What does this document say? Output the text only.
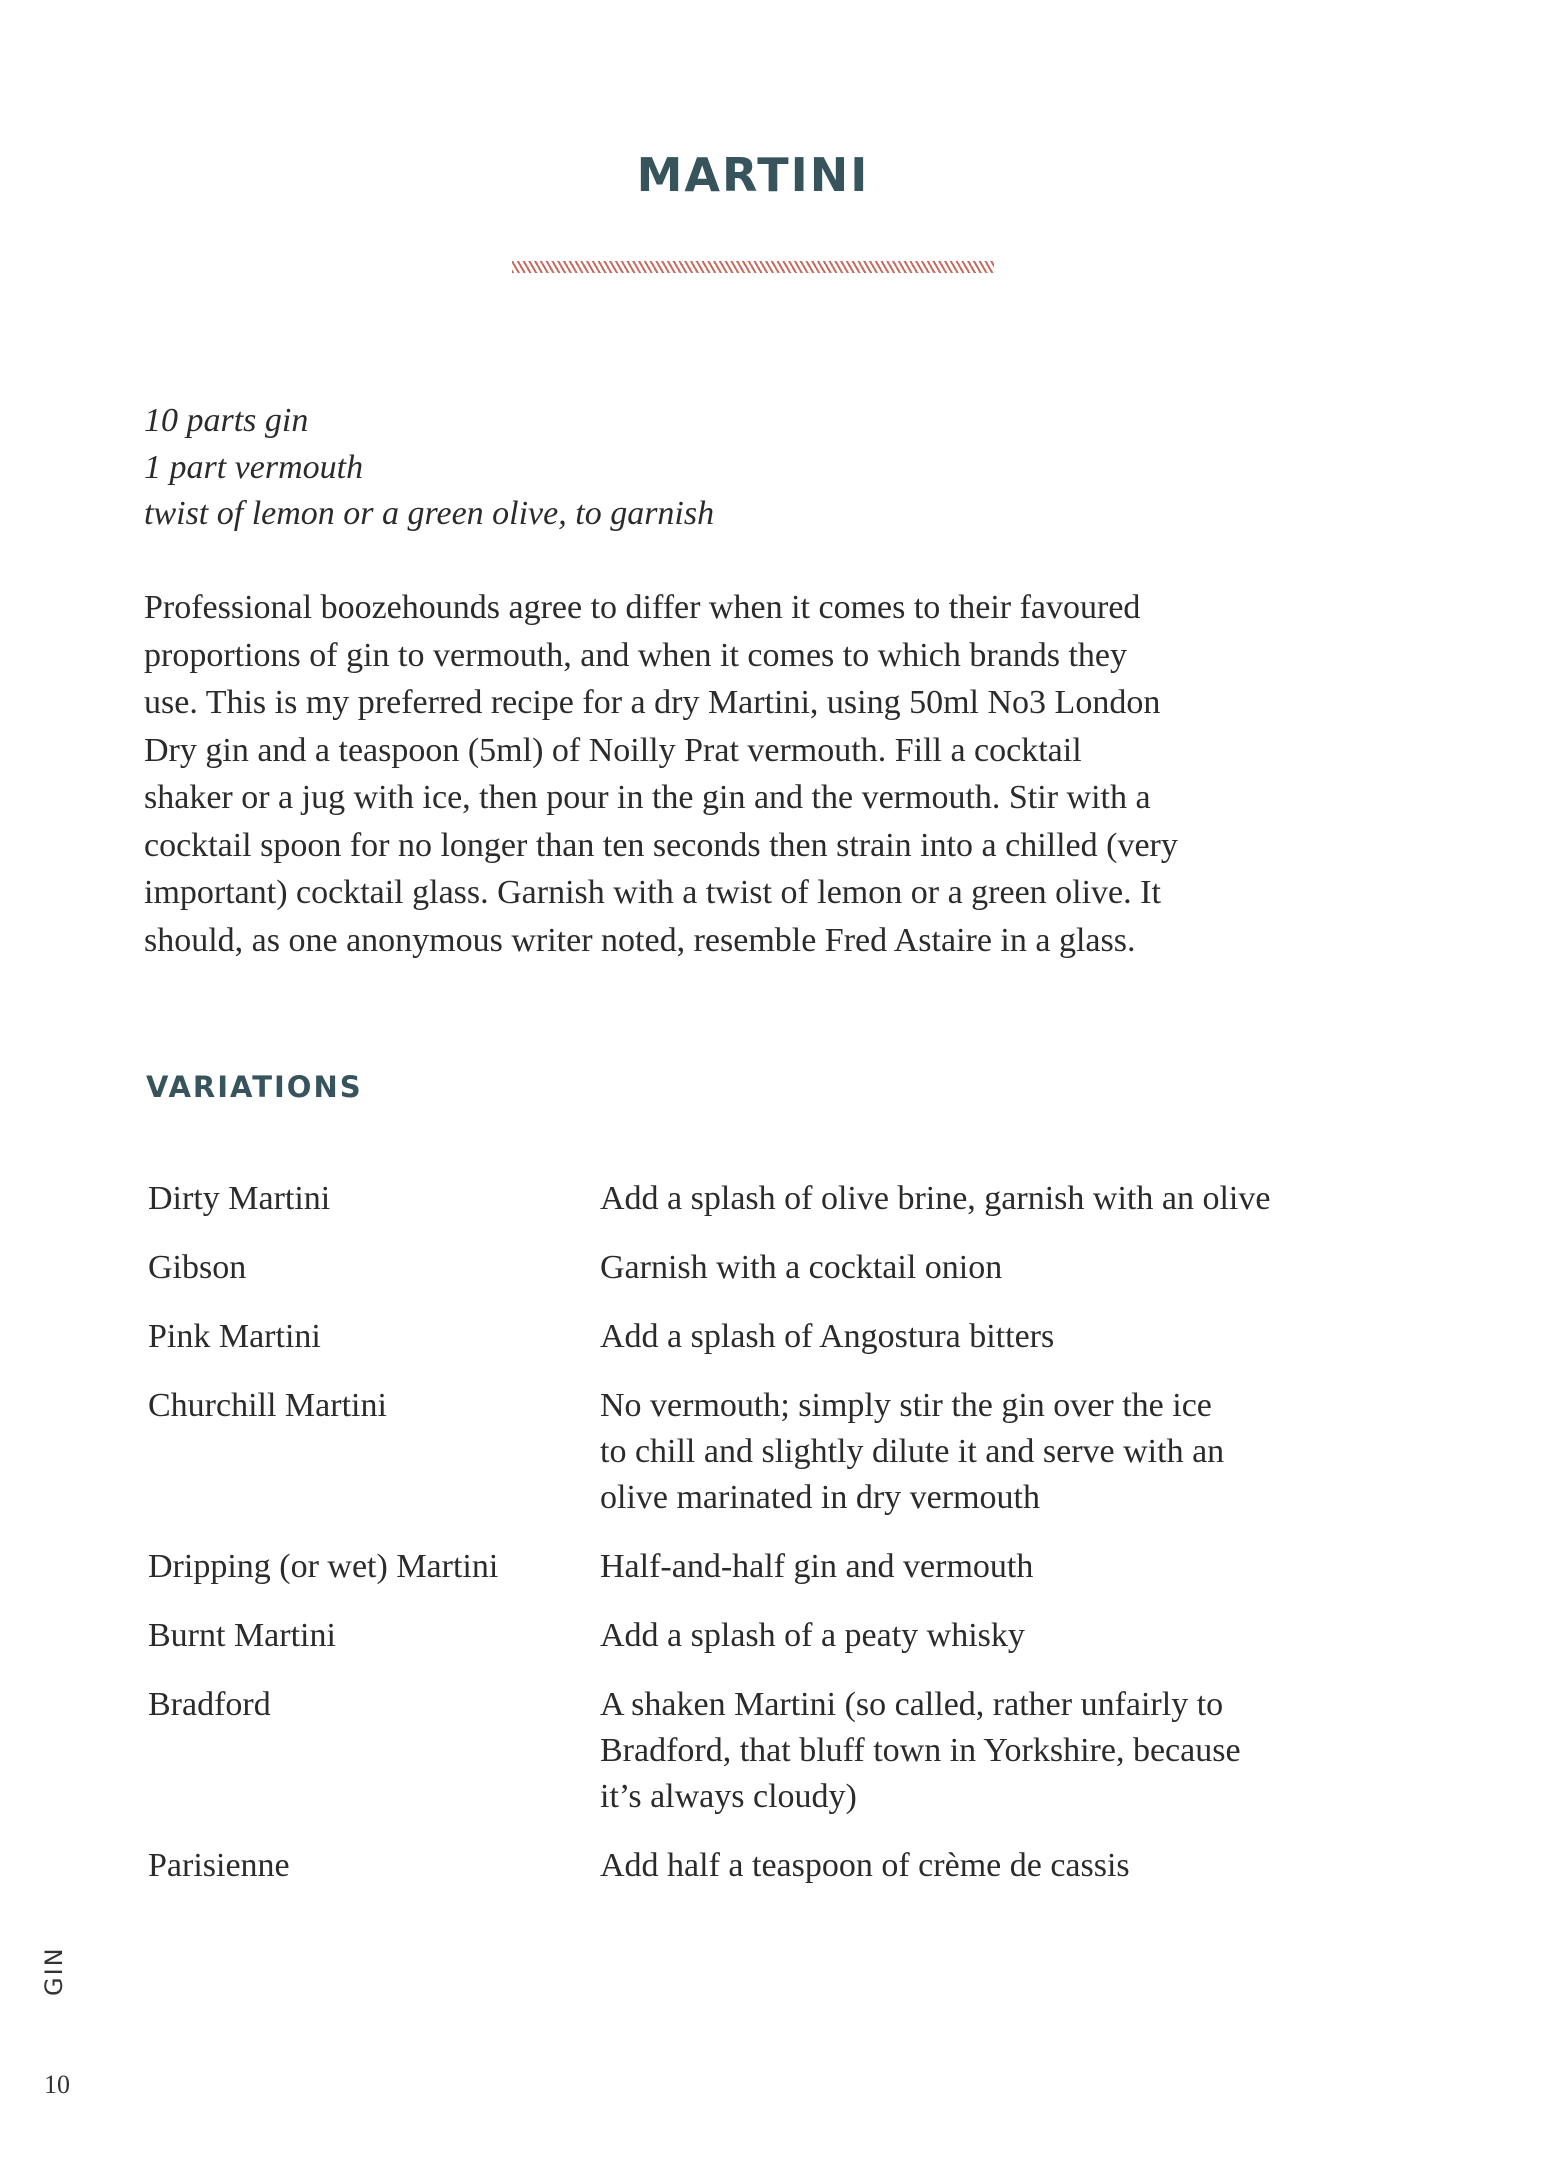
MARTINI
10 parts gin
1 part vermouth
twist of lemon or a green olive, to garnish
Professional boozehounds agree to differ when it comes to their favoured
proportions of gin to vermouth, and when it comes to which brands they
use. This is my preferred recipe for a dry Martini, using 50ml No3 London
Dry gin and a teaspoon (5ml) of Noilly Prat vermouth. Fill a cocktail
shaker or a jug with ice, then pour in the gin and the vermouth. Stir with a
cocktail spoon for no longer than ten seconds then strain into a chilled (very
important) cocktail glass. Garnish with a twist of lemon or a green olive. It
should, as one anonymous writer noted, resemble Fred Astaire in a glass.
VARIATIONS
Dirty Martini	Add a splash of olive brine, garnish with an olive
Gibson	Garnish with a cocktail onion
Pink Martini	Add a splash of Angostura bitters
Churchill Martini	No vermouth; simply stir the gin over the ice
to chill and slightly dilute it and serve with an
olive marinated in dry vermouth
Dripping (or wet) Martini	Half-and-half gin and vermouth
Burnt Martini	Add a splash of a peaty whisky
Bradford	A shaken Martini (so called, rather unfairly to
Bradford, that bluff town in Yorkshire, because
it’s always cloudy)
Parisienne	Add half a teaspoon of crème de cassis
GIN
10
